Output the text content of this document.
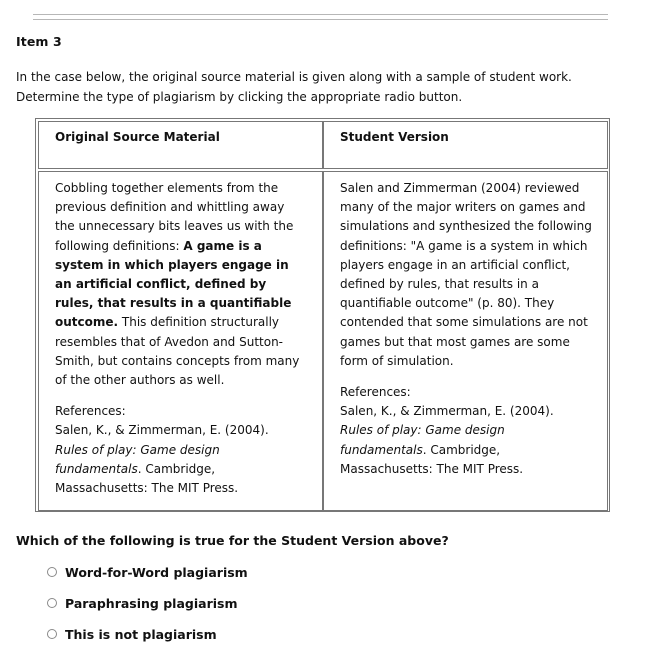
Item 3
In the case below, the original source material is given along with a sample of student work. Determine the type of plagiarism by clicking the appropriate radio button.
Original Source Material	Student Version

Cobbling together elements from the previous definition and whittling away the unnecessary bits leaves us with the following definitions: A game is a system in which players engage in an artificial conflict, defined by rules, that results in a quantifiable outcome. This definition structurally resembles that of Avedon and Sutton-Smith, but contains concepts from many of the other authors as well.

References:

Salen, K., & Zimmerman, E. (2004).
Rules of play: Game design fundamentals. Cambridge, Massachusetts: The MIT Press.

Salen and Zimmerman (2004) reviewed many of the major writers on games and simulations and synthesized the following definitions: "A game is a system in which players engage in an artificial conflict, defined by rules, that results in a quantifiable outcome" (p. 80). They contended that some simulations are not games but that most games are some form of simulation.

References:

Salen, K., & Zimmerman, E. (2004).
Rules of play: Game design fundamentals. Cambridge, Massachusetts: The MIT Press.

Which of the following is true for the Student Version above?
Word-for-Word plagiarism
Paraphrasing plagiarism
This is not plagiarism
